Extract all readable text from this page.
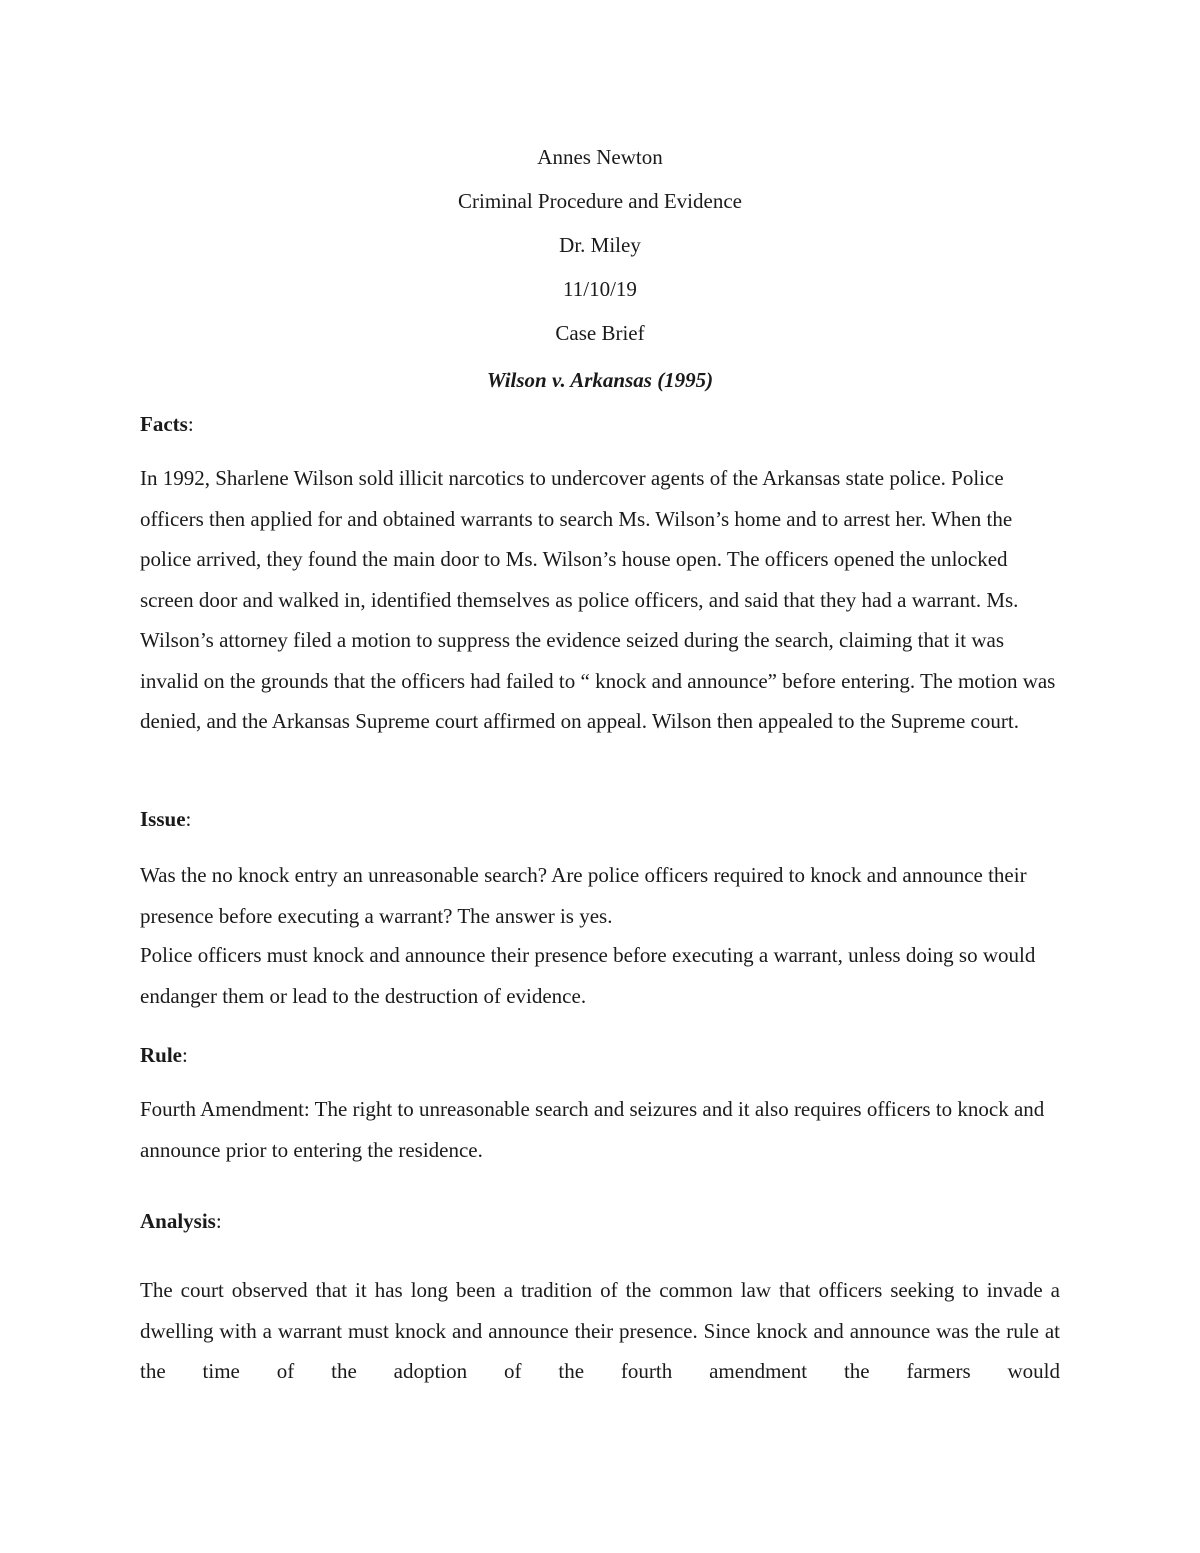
Annes Newton
Criminal Procedure and Evidence
Dr. Miley
11/10/19
Case Brief
Wilson v. Arkansas (1995)
Facts:

In 1992, Sharlene Wilson sold illicit narcotics to undercover agents of the Arkansas state police. Police officers then applied for and obtained warrants to search Ms. Wilson’s home and to arrest her. When the police arrived, they found the main door to Ms. Wilson’s house open. The officers opened the unlocked screen door and walked in, identified themselves as police officers, and said that they had a warrant. Ms. Wilson’s attorney filed a motion to suppress the evidence seized during the search, claiming that it was invalid on the grounds that the officers had failed to “ knock and announce” before entering. The motion was denied, and the Arkansas Supreme court affirmed on appeal. Wilson then appealed to the Supreme court.

Issue:

Was the no knock entry an unreasonable search? Are police officers required to knock and announce their presence before executing a warrant? The answer is yes.

Police officers must knock and announce their presence before executing a warrant, unless doing so would endanger them or lead to the destruction of evidence.

Rule:

Fourth Amendment: The right to unreasonable search and seizures and it also requires officers to knock and announce prior to entering the residence.

Analysis:

The court observed that it has long been a tradition of the common law that officers seeking to invade a dwelling with a warrant must knock and announce their presence. Since knock and announce was the rule at the time of the adoption of the fourth amendment the farmers would
